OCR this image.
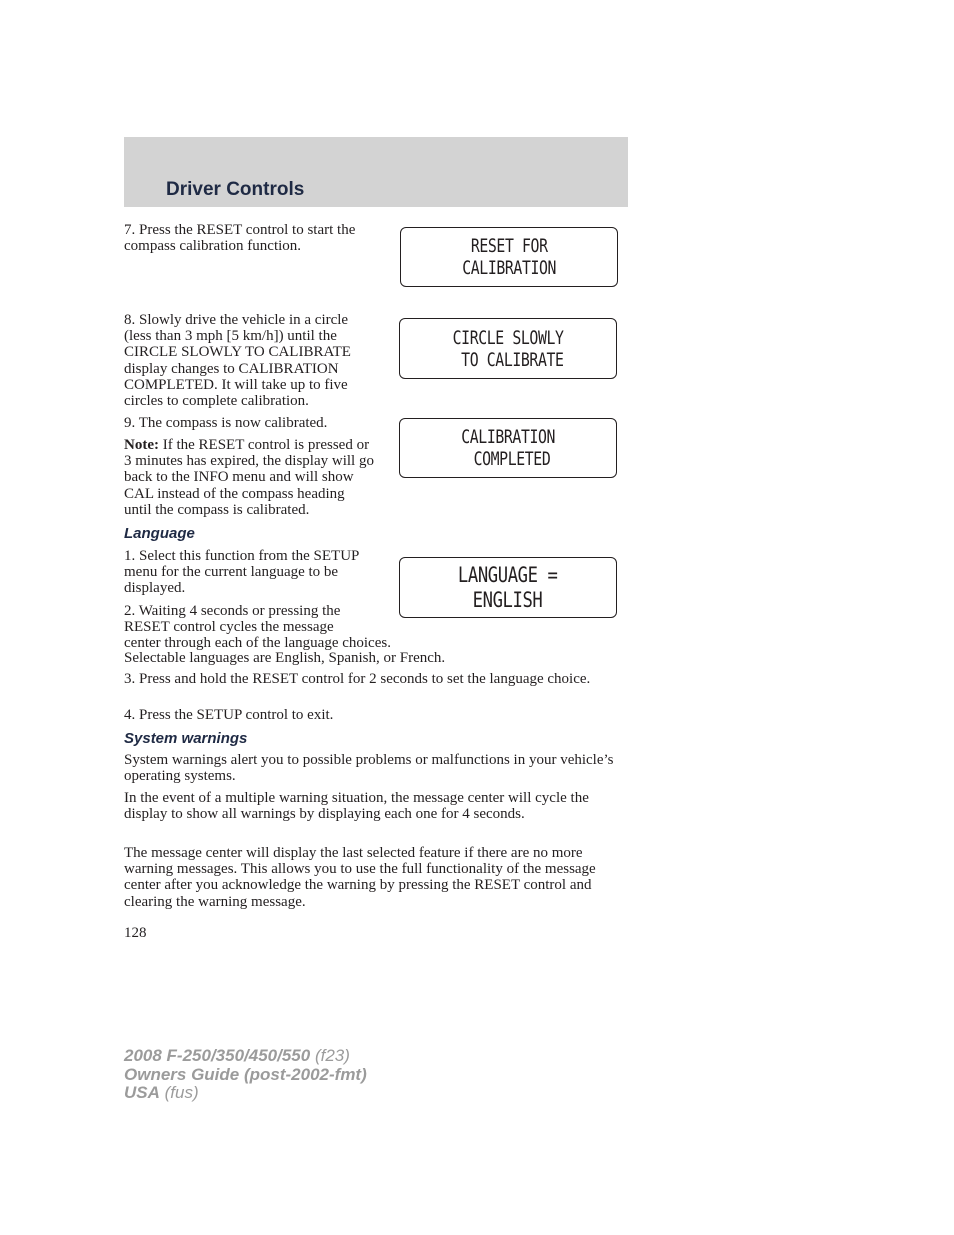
Driver Controls

7. Press the RESET control to start the compass calibration function.	RESET FOR
CALIBRATION
CIRCLE SLOWLY
TO CALIBRATE
8. Slowly drive the vehicle in a circle (less than 3 mph [5 km/h]) until the CIRCLE SLOWLY TO CALIBRATE display changes to CALIBRATION COMPLETED. It will take up to five circles to complete calibration.

9. The compass is now calibrated.

CALIBRATION
COMPLETED
Note: If the RESET control is pressed or 3 minutes has expired, the display will go back to the INFO menu and will show CAL instead of the compass heading until the compass is calibrated.
Language

1. Select this function from the SETUP menu for the current language to be displayed.

LANGUAGE =
ENGLISH
2. Waiting 4 seconds or pressing the RESET control cycles the message center through each of the language choices.

Selectable languages are English, Spanish, or French.

3. Press and hold the RESET control for 2 seconds to set the language choice.

4. Press the SETUP control to exit.

System warnings

System warnings alert you to possible problems or malfunctions in your vehicle’s operating systems.

In the event of a multiple warning situation, the message center will cycle the display to show all warnings by displaying each one for 4 seconds.

The message center will display the last selected feature if there are no more warning messages. This allows you to use the full functionality of the message center after you acknowledge the warning by pressing the RESET control and clearing the warning message.

128
2008 F-250/350/450/550 (f23)
Owners Guide (post-2002-fmt)
USA (fus)
